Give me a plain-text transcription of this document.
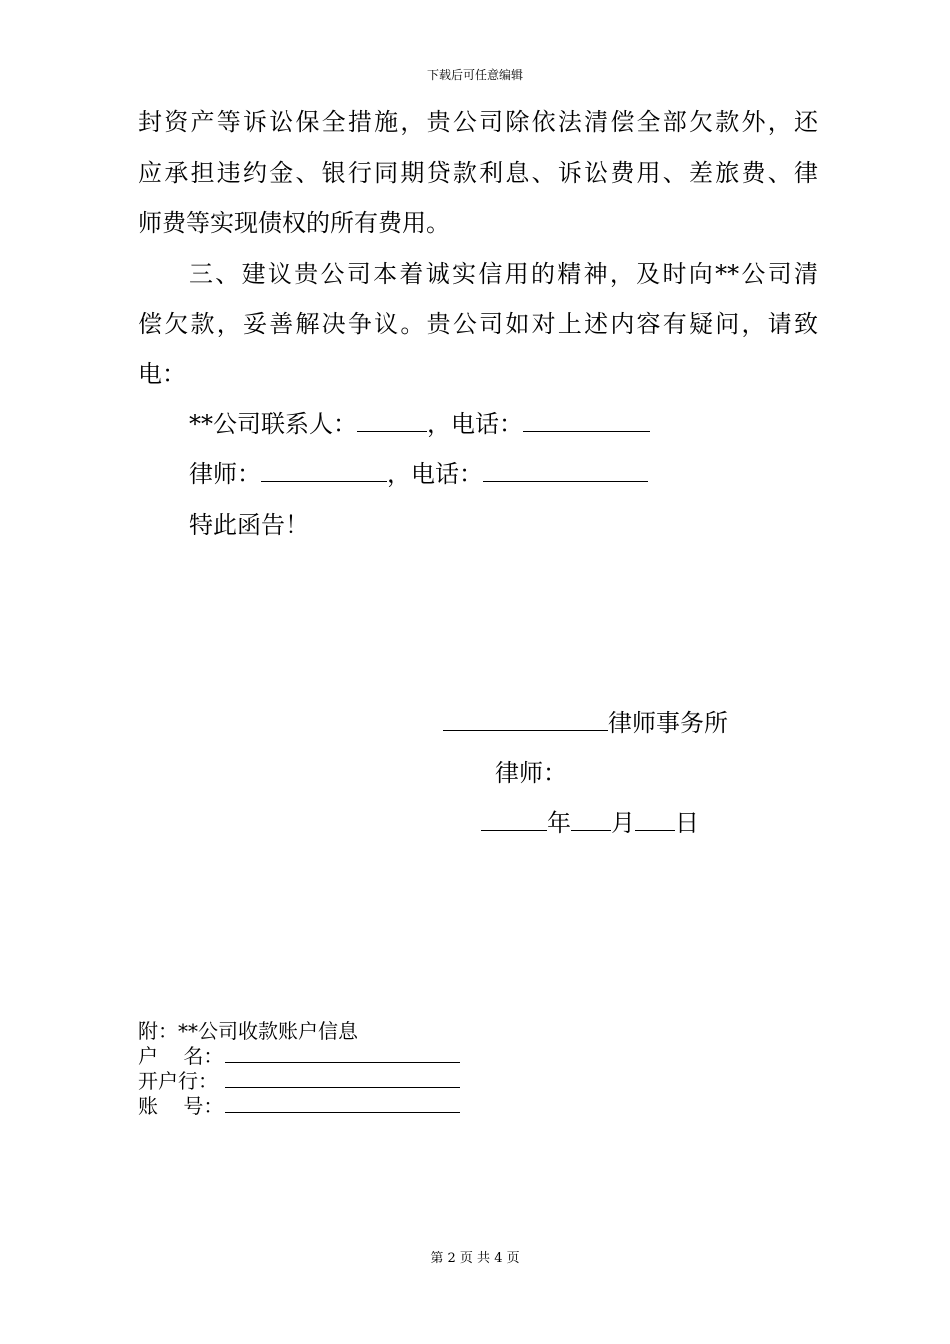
下载后可任意编辑
封资产等诉讼保全措施，贵公司除依法清偿全部欠款外，还
应承担违约金、银行同期贷款利息、诉讼费用、差旅费、律
师费等实现债权的所有费用。
三、建议贵公司本着诚实信用的精神，及时向**公司清
偿欠款，妥善解决争议。贵公司如对上述内容有疑问，请致
电：
**公司联系人：	，电话：
律师：	，电话：
特此函告！
律师事务所
律师：
年 月 日
附：**公司收款账户信息
户    名：
开户行：
账    号：
第 2 页 共 4 页
